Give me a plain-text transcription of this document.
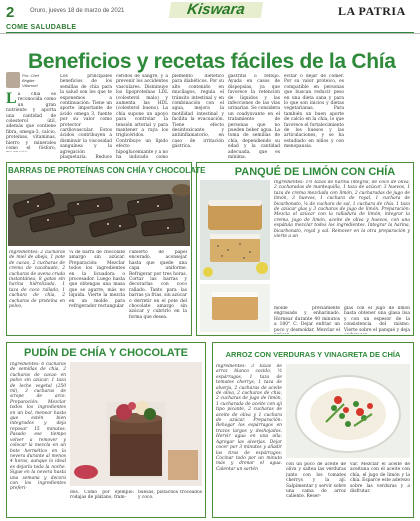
2	Oruro, jueves 18 de marzo de 2021	Kiswara	LA PATRIA
COME SALUDABLE
Beneficios y recetas fáciles de la Chía
Por: Chef Brigitte Villarroel
La chía es reconocida como un gran nutriente y aporta una cantidad de colesterol útil, además que contiene fibra, omega-3, calcio, proteínas, vitaminas, hierro y minerales como el fósforo,
Los principales beneficios de los semillas de chía para la salud son los que te exponemos a continuación: Tiene un aporte importante de ácido omega 3, fuente por su valor como protector cardiovascular. Estos ácidos contribuyen a disminuir la viscosidad sanguínea y la agregación plaquetaria. Reduce
céridos de sangre, y a prevenir los accidentes vasculares. Disminuye los lipoproteínas LDL (colesterol malo) y aumenta las HDL (colesterol bueno). La chía supone un apoyo para controlar la tensión arterial y para mantener a raya los triglicéridos. Contribuye un lípido efecto hipoglucemiante y a no ha indicado como
plemento dietético para diabéticos. Por su alto contenido en mucílagos, regula el tránsito intestinal y en combinación con el agua, mejora la motilidad intestinal y facilita la evacuación. Tiene efecto desintoxicante y antiinflamatorio, en caso de irritación gástrica.
gastritis o reflujo. Ayuda en casos de dispepsias, ya que favorece la retención de líquidos y las infecciones de las vías urinarias. Se considera un coadyuvante en el tratamiento de personas que no pueden beber agua. La toma de semillas de chía, dependiendo su edad y la cantidad adecuada, que es mínima.
evitar o dejar de comer. Por su valor proteico, es compatible en personas que buscan reducir peso en una dieta sana y para lo que son inicios y dietas vegetarianas. Para también un buen aporte de calcio en la chía, lo que favorece el fortalecimiento de los huesos y las articulaciones, y se ha estudiado en niños y con menopausia.
BARRAS DE PROTEÍNAS CON CHÍA Y CHOCOLATE
Ingredientes: 2 cucharas de miel de abeja, 1 pote de cacao, 2 cucharas de crema de cacahuate, 2 cucharas de avena cruda instantánea, 8 gotas sin harina hidrolizada, 1 taza de coco rallado, 1 cuchara de chía, 2 cucharas de proteína en polvo,
¼ de barra de chocolate amargo sin azúcar. Preparación: Mezclar todos los ingredientes en la licuadora o procesador. Luego hasta que obtengas una masa que se agarre, más no líquida. Vierte la mezcla en un molde para refrigerador rectangular
cubierto de papel encerado, aconsejar hasta que quede una capa uniforme. Refrigerar por tres horas. Cortar las barras y decorarlas con coco rallado. Tanto para las barras ya frías, sin azúcar o derretir en el pote del chocolate amargo sin azúcar y cubrirlo en la forma que desea.
PANQUÉ DE LIMÓN CON CHÍA
Ingredientes: 1½ tazas de harina integral, de coco de oliva, 2 cucharadas de mantequilla, 1 taza de azúcar, 3 huevos, 1 taza de crema mezclada con limón, 2 cucharadas de jugo de limón, 3 huevos, 1 cuchara de royal, 1 cuchara de bicarbonato, ¼ de cuchara de sal, 1 cuchara de chía, 1 taza de azúcar glas y 3 cucharas de jugo de limón. Preparación: Mezcla el azúcar con la ralladura de limón, integrar la crema, jugo de limón, aceite de oliva y huevos, con una espátula mezclar todos los ingredientes. Integrar la harina, bicarbonato, royal y sal. Remover en la otra preparación y vierte a un
molde previamente engrasado y enharinado. Hornear durante 40 minutos a 180° C. Dejar enfriar un poco y desmoldar. Mezclar el
glas con el jugo de limón hasta obtener una glasa lisa y con un espesor de la consistencia del mismo. Vierte sobre el panqué y deja
PUDÍN DE CHÍA Y CHOCOLATE
Ingredientes: 6 cucharas de semillas de chía, 2 cucharas de cacao en polvo sin azúcar, 1 taza de leche vegetal (250 ml), 3 cucharas de sirope de arce. Preparación: Mezclar todos los ingredientes en un bol, menear hasta que estén bien integrados y deja reposar 15 minutos. Pasado ese tiempo volver a remover y colocar la mezcla en un bote hermético en la nevera durante al menos 4 horas, aunque lo ideal es dejarla toda la noche. Sigue en la nevera hasta una semana y decora con los ingredientes preferi-
dos. Como por ejemplo: rodajas de plátano, fram-
buesas, pistachos troceados y coco.
ARROZ CON VERDURAS Y VINAGRETA DE CHÍA
Ingredientes: 3 tazas de arroz blanco cocido, ½ espárragos, 1 taza de tomates cherrys, 1 taza de alverja, 2 cucharas de aceite de oliva, 2 cucharas de chía, 2 cucharas de jugo de limón, 1 cucharada de aceite con ají tipo picante, 2 cucharas de aceite de oliva y 1 cuchara de azúcar. Preparación: Rehogar los espárragos en trozos largos y deshojados. Hervir agua en una olla. Agregar las alverjas. Dejar cocer por 3 minutos y añadir las tiras de espárragos. Cocinar todo por un minuto más y drenar el agua. Calentar un sartén
con un poco de aceite de oliva y saltea las verduras junto con los tomates cherrys y la ají. Salpimentar y servir sobre una cama de arroz caliente. Reser-
var. Mezclar el aceite de aceituna con el aceite con chía, el jugo de limón y la chía. Esparce este aderezo sobre las verduras y a disfrutar.
